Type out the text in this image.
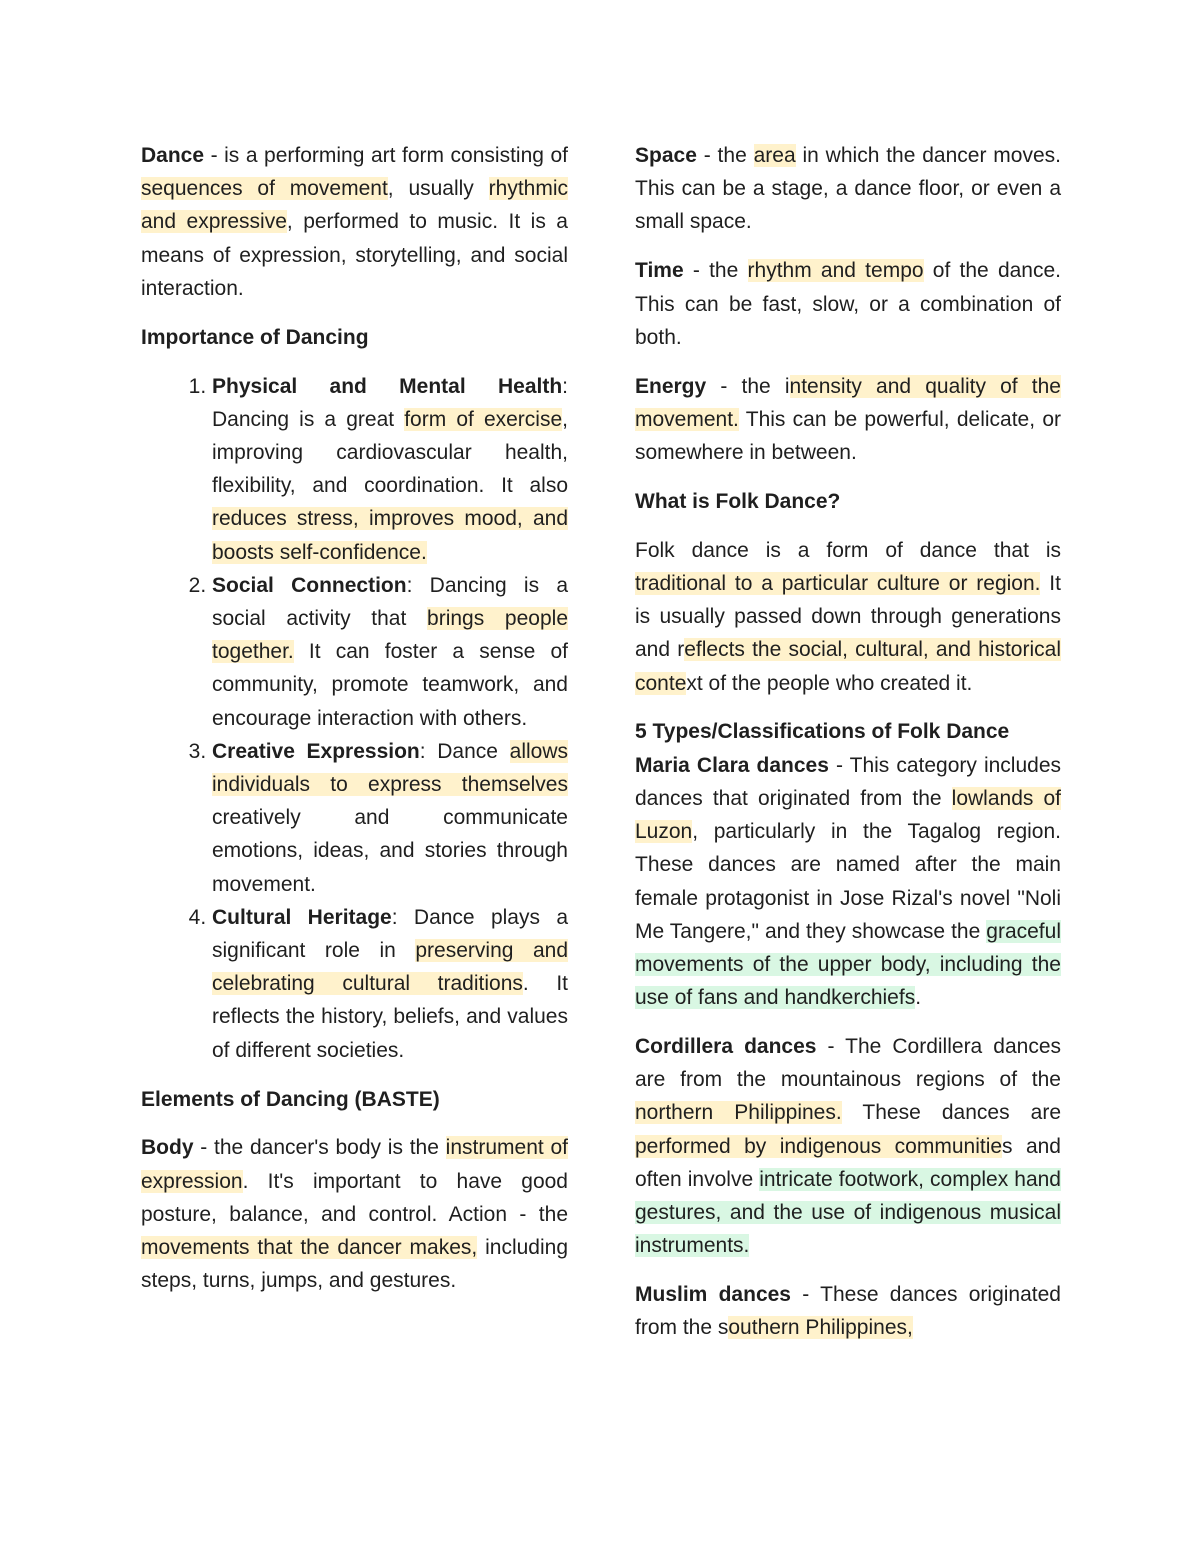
Dance - is a performing art form consisting of sequences of movement, usually rhythmic and expressive, performed to music. It is a means of expression, storytelling, and social interaction.

Importance of Dancing

1. Physical and Mental Health: Dancing is a great form of exercise, improving cardiovascular health, flexibility, and coordination. It also reduces stress, improves mood, and boosts self-confidence.
2. Social Connection: Dancing is a social activity that brings people together. It can foster a sense of community, promote teamwork, and encourage interaction with others.
3. Creative Expression: Dance allows individuals to express themselves creatively and communicate emotions, ideas, and stories through movement.
4. Cultural Heritage: Dance plays a significant role in preserving and celebrating cultural traditions. It reflects the history, beliefs, and values of different societies.

Elements of Dancing (BASTE)

Body - the dancer's body is the instrument of expression. It's important to have good posture, balance, and control. Action - the movements that the dancer makes, including steps, turns, jumps, and gestures.

Space - the area in which the dancer moves. This can be a stage, a dance floor, or even a small space.

Time - the rhythm and tempo of the dance. This can be fast, slow, or a combination of both.

Energy - the intensity and quality of the movement. This can be powerful, delicate, or somewhere in between.

What is Folk Dance?

Folk dance is a form of dance that is traditional to a particular culture or region. It is usually passed down through generations and reflects the social, cultural, and historical context of the people who created it.

5 Types/Classifications of Folk Dance

Maria Clara dances - This category includes dances that originated from the lowlands of Luzon, particularly in the Tagalog region. These dances are named after the main female protagonist in Jose Rizal's novel "Noli Me Tangere," and they showcase the graceful movements of the upper body, including the use of fans and handkerchiefs.

Cordillera dances - The Cordillera dances are from the mountainous regions of the northern Philippines. These dances are performed by indigenous communities and often involve intricate footwork, complex hand gestures, and the use of indigenous musical instruments.

Muslim dances - These dances originated from the southern Philippines,
